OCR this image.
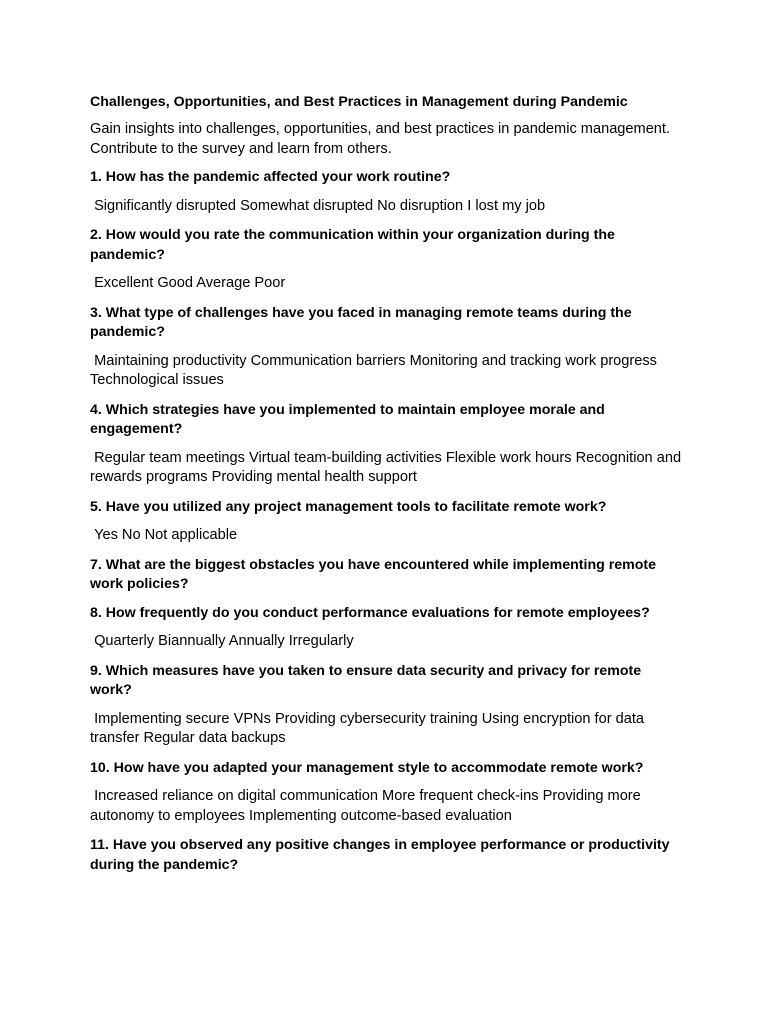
Challenges, Opportunities, and Best Practices in Management during Pandemic
Gain insights into challenges, opportunities, and best practices in pandemic management. Contribute to the survey and learn from others.
1. How has the pandemic affected your work routine?
Significantly disrupted Somewhat disrupted No disruption I lost my job
2. How would you rate the communication within your organization during the pandemic?
Excellent Good Average Poor
3. What type of challenges have you faced in managing remote teams during the pandemic?
Maintaining productivity Communication barriers Monitoring and tracking work progress Technological issues
4. Which strategies have you implemented to maintain employee morale and engagement?
Regular team meetings Virtual team-building activities Flexible work hours Recognition and rewards programs Providing mental health support
5. Have you utilized any project management tools to facilitate remote work?
Yes No Not applicable
7. What are the biggest obstacles you have encountered while implementing remote work policies?
8. How frequently do you conduct performance evaluations for remote employees?
Quarterly Biannually Annually Irregularly
9. Which measures have you taken to ensure data security and privacy for remote work?
Implementing secure VPNs Providing cybersecurity training Using encryption for data transfer Regular data backups
10. How have you adapted your management style to accommodate remote work?
Increased reliance on digital communication More frequent check-ins Providing more autonomy to employees Implementing outcome-based evaluation
11. Have you observed any positive changes in employee performance or productivity during the pandemic?
